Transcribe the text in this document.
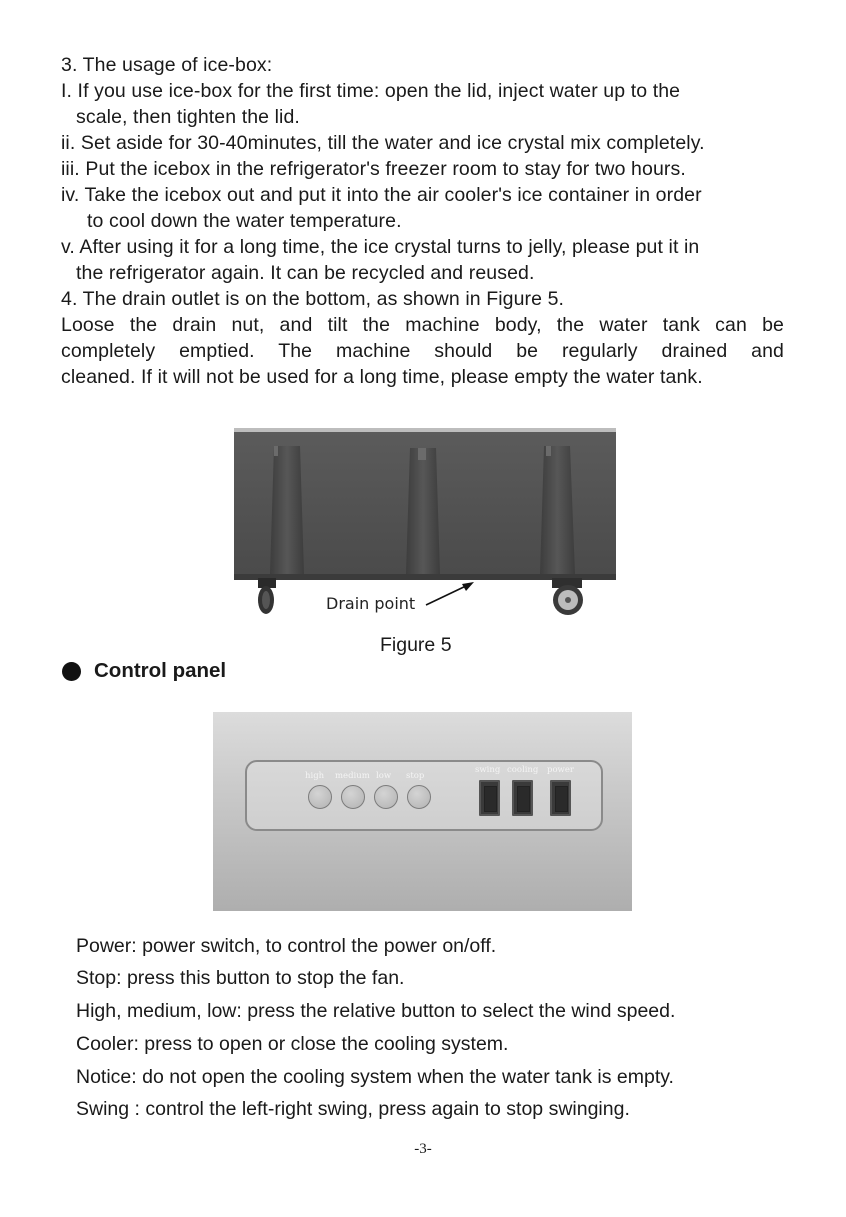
3. The usage of ice-box:
I. If you use ice-box for the first time: open the lid, inject water up to the
scale, then tighten the lid.
ii. Set aside for 30-40minutes, till the water and ice crystal mix completely.
iii. Put the icebox in the refrigerator's freezer room to stay for two hours.
iv. Take the icebox out and put it into the air cooler's ice container in order
to cool down the water temperature.
v. After using it for a long time, the ice crystal turns to jelly, please put it in
the refrigerator again. It can be recycled and reused.
4. The drain outlet is on the bottom, as shown in Figure 5.
Loose the drain nut, and tilt the machine body, the water tank can be
completely emptied. The machine should be regularly drained and
cleaned. If it will not be used for a long time, please empty the water tank.
Drain point
Figure 5
Control panel
high medium low stop
swing cooling power
Power: power switch, to control the power on/off.
Stop: press this button to stop the fan.
High, medium, low: press the relative button to select the wind speed.
Cooler: press to open or close the cooling system.
Notice: do not open the cooling system when the water tank is empty.
Swing : control the left-right swing, press again to stop swinging.
-3-
